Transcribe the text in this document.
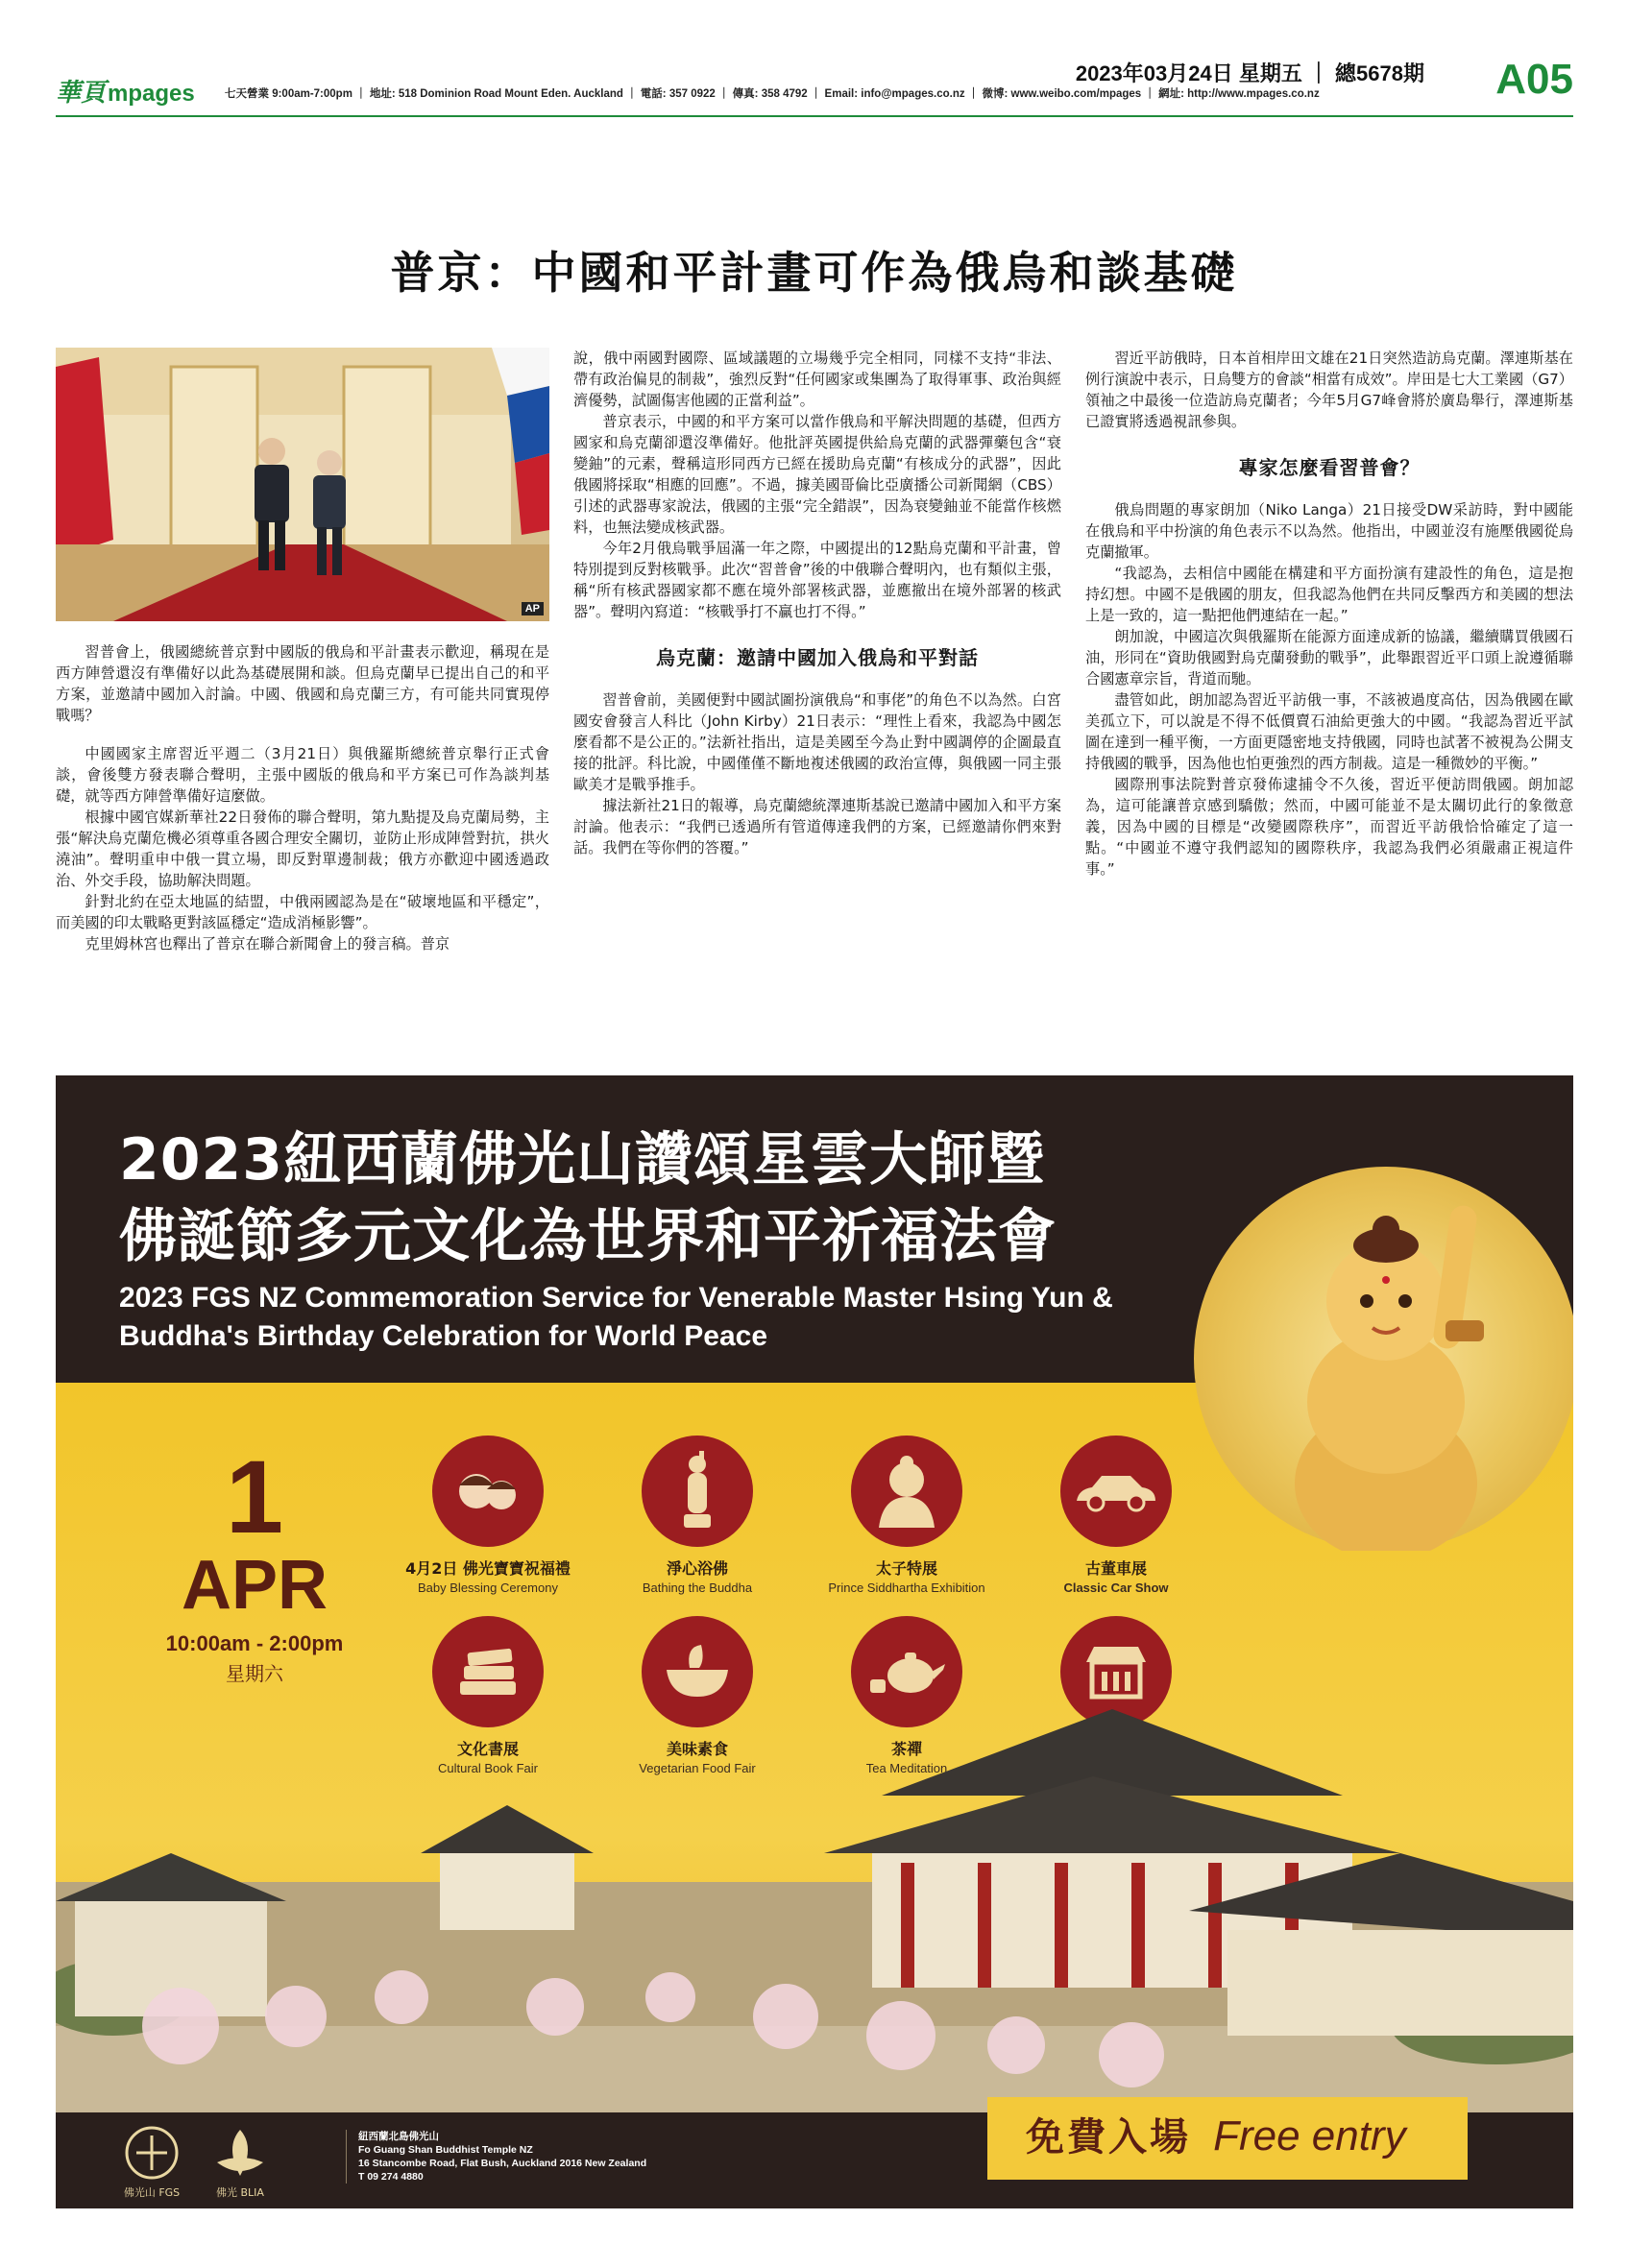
華頁 mpages	七天營業 9:00am-7:00pm ｜ 地址: 518 Dominion Road Mount Eden. Auckland ｜ 電話: 357 0922 ｜ 傳真: 358 4792 ｜ Email: info@mpages.co.nz ｜ 微博: www.weibo.com/mpages ｜ 網址: http://www.mpages.co.nz
2023年03月24日 星期五 ｜ 總5678期 A05
普京：中國和平計畫可作為俄烏和談基礎
AP

習普會上，俄國總統普京對中國版的俄烏和平計畫表示歡迎，稱現在是西方陣營還沒有準備好以此為基礎展開和談。但烏克蘭早已提出自己的和平方案，並邀請中國加入討論。中國、俄國和烏克蘭三方，有可能共同實現停戰嗎？

中國國家主席習近平週二（3月21日）與俄羅斯總統普京舉行正式會談，會後雙方發表聯合聲明，主張中國版的俄烏和平方案已可作為談判基礎，就等西方陣營準備好這麼做。

根據中國官媒新華社22日發佈的聯合聲明，第九點提及烏克蘭局勢，主張“解決烏克蘭危機必須尊重各國合理安全關切，並防止形成陣營對抗，拱火澆油”。聲明重申中俄一貫立場，即反對單邊制裁；俄方亦歡迎中國透過政治、外交手段，協助解決問題。

針對北約在亞太地區的結盟，中俄兩國認為是在“破壞地區和平穩定”，而美國的印太戰略更對該區穩定“造成消極影響”。

克里姆林宮也釋出了普京在聯合新聞會上的發言稿。普京

說，俄中兩國對國際、區域議題的立場幾乎完全相同，同樣不支持“非法、帶有政治偏見的制裁”，強烈反對“任何國家或集團為了取得軍事、政治與經濟優勢，試圖傷害他國的正當利益”。

普京表示，中國的和平方案可以當作俄烏和平解決問題的基礎，但西方國家和烏克蘭卻還沒準備好。他批評英國提供給烏克蘭的武器彈藥包含“衰變鈾”的元素，聲稱這形同西方已經在援助烏克蘭“有核成分的武器”，因此俄國將採取“相應的回應”。不過，據美國哥倫比亞廣播公司新聞網（CBS）引述的武器專家說法，俄國的主張“完全錯誤”，因為衰變鈾並不能當作核燃料，也無法變成核武器。

今年2月俄烏戰爭屆滿一年之際，中國提出的12點烏克蘭和平計畫，曾特別提到反對核戰爭。此次“習普會”後的中俄聯合聲明內，也有類似主張，稱“所有核武器國家都不應在境外部署核武器，並應撤出在境外部署的核武器”。聲明內寫道：“核戰爭打不贏也打不得。”

烏克蘭：邀請中國加入俄烏和平對話

習普會前，美國便對中國試圖扮演俄烏“和事佬”的角色不以為然。白宮國安會發言人科比（John Kirby）21日表示：“理性上看來，我認為中國怎麼看都不是公正的。”法新社指出，這是美國至今為止對中國調停的企圖最直接的批評。科比說，中國僅僅不斷地複述俄國的政治宣傳，與俄國一同主張歐美才是戰爭推手。

據法新社21日的報導，烏克蘭總統澤連斯基說已邀請中國加入和平方案討論。他表示：“我們已透過所有管道傳達我們的方案，已經邀請你們來對話。我們在等你們的答覆。”

習近平訪俄時，日本首相岸田文雄在21日突然造訪烏克蘭。澤連斯基在例行演說中表示，日烏雙方的會談“相當有成效”。岸田是七大工業國（G7）領袖之中最後一位造訪烏克蘭者；今年5月G7峰會將於廣島舉行，澤連斯基已證實將透過視訊參與。

專家怎麼看習普會？

俄烏問題的專家朗加（Niko Langa）21日接受DW采訪時，對中國能在俄烏和平中扮演的角色表示不以為然。他指出，中國並沒有施壓俄國從烏克蘭撤軍。

“我認為，去相信中國能在構建和平方面扮演有建設性的角色，這是抱持幻想。中國不是俄國的朋友，但我認為他們在共同反擊西方和美國的想法上是一致的，這一點把他們連結在一起。”

朗加說，中國這次與俄羅斯在能源方面達成新的協議，繼續購買俄國石油，形同在“資助俄國對烏克蘭發動的戰爭”，此舉跟習近平口頭上說遵循聯合國憲章宗旨，背道而馳。

盡管如此，朗加認為習近平訪俄一事，不該被過度高估，因為俄國在歐美孤立下，可以說是不得不低價賣石油給更強大的中國。“我認為習近平試圖在達到一種平衡，一方面更隱密地支持俄國，同時也試著不被視為公開支持俄國的戰爭，因為他也怕更強烈的西方制裁。這是一種微妙的平衡。”

國際刑事法院對普京發佈逮捕令不久後，習近平便訪問俄國。朗加認為，這可能讓普京感到驕傲；然而，中國可能並不是太關切此行的象徵意義，因為中國的目標是“改變國際秩序”，而習近平訪俄恰恰確定了這一點。“中國並不遵守我們認知的國際秩序，我認為我們必須嚴肅正視這件事。”

2023紐西蘭佛光山讚頌星雲大師暨
佛誕節多元文化為世界和平祈福法會
2023 FGS NZ Commemoration Service for Venerable Master Hsing Yun &
Buddha's Birthday Celebration for World Peace
1
APR
10:00am - 2:00pm
星期六
4月2日 佛光寶寶祝福禮
Baby Blessing Ceremony
淨心浴佛
Bathing the Buddha
太子特展
Prince Siddhartha Exhibition
古董車展
Classic Car Show
文化書展
Cultural Book Fair
美味素食
Vegetarian Food Fair
茶禪
Tea Meditation
佛光山 FGS	佛光 BLIA
紐西蘭北島佛光山
Fo Guang Shan Buddhist Temple NZ
16 Stancombe Road, Flat Bush, Auckland 2016 New Zealand
T 09 274 4880
免費入場 Free entry
